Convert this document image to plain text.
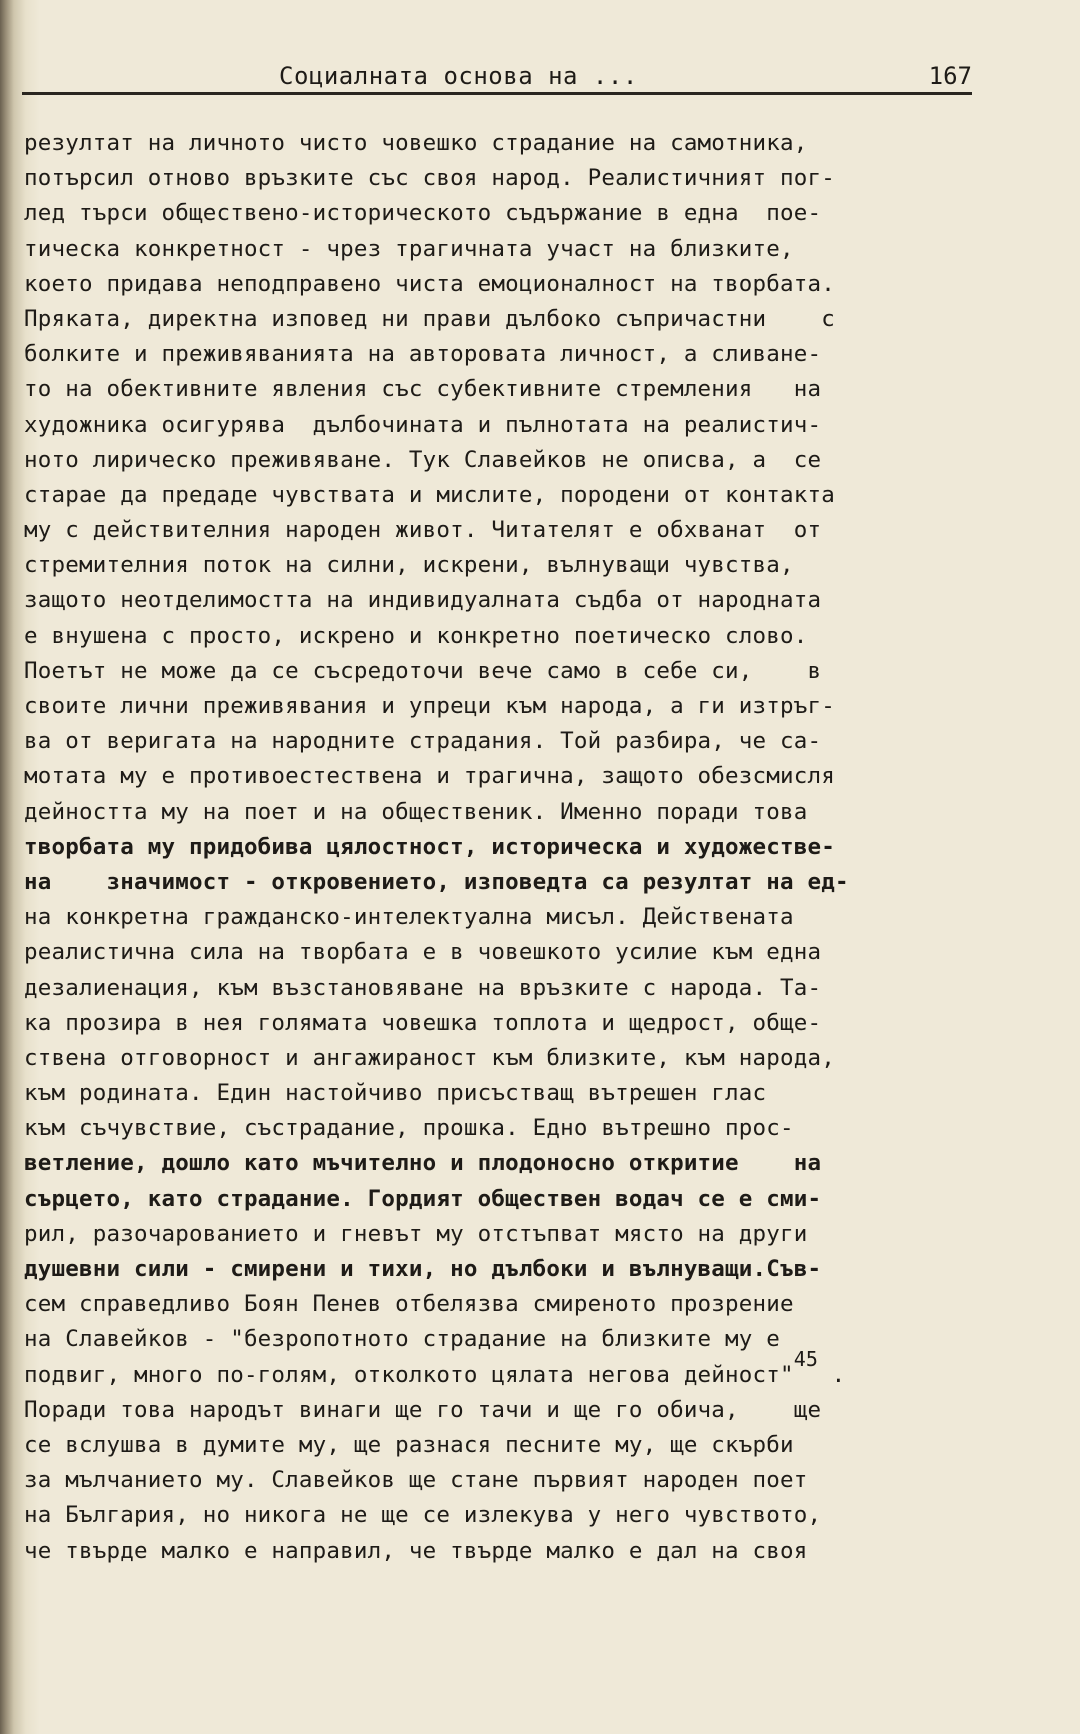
Социалната основа на ...	167
резултат на личното чисто човешко страдание на самотника,
потърсил отново връзките със своя народ. Реалистичният пог-
лед търси обществено-историческото съдържание в една  пое-
тическа конкретност - чрез трагичната участ на близките,
което придава неподправено чиста емоционалност на творбата.
Пряката, директна изповед ни прави дълбоко съпричастни    с
болките и преживяванията на авторовата личност, а сливане-
то на обективните явления със субективните стремления   на
художника осигурява  дълбочината и пълнотата на реалистич-
ното лирическо преживяване. Тук Славейков не описва, а  се
старае да предаде чувствата и мислите, породени от контакта
му с действителния народен живот. Читателят е обхванат  от
стремителния поток на силни, искрени, вълнуващи чувства,
защото неотделимостта на индивидуалната съдба от народната
е внушена с просто, искрено и конкретно поетическо слово.
Поетът не може да се съсредоточи вече само в себе си,    в
своите лични преживявания и упреци към народа, а ги изтръг-
ва от веригата на народните страдания. Той разбира, че са-
мотата му е противоестествена и трагична, защото обезсмисля
дейността му на поет и на общественик. Именно поради това
творбата му придобива цялостност, историческа и художестве-
на    значимост - откровението, изповедта са резултат на ед-
на конкретна гражданско-интелектуална мисъл. Действената
реалистична сила на творбата е в човешкото усилие към една
дезалиенация, към възстановяване на връзките с народа. Та-
ка прозира в нея голямата човешка топлота и щедрост, обще-
ствена отговорност и ангажираност към близките, към народа,
към родината. Един настойчиво присъстващ вътрешен глас
към съчувствие, състрадание, прошка. Едно вътрешно прос-
ветление, дошло като мъчително и плодоносно откритие    на
сърцето, като страдание. Гордият обществен водач се е сми-
рил, разочарованието и гневът му отстъпват място на други
душевни сили - смирени и тихи, но дълбоки и вълнуващи.Съв-
сем справедливо Боян Пенев отбелязва смиреното прозрение
на Славейков - "безропотното страдание на близките му е
подвиг, много по-голям, отколкото цялата негова дейност"45 .
Поради това народът винаги ще го тачи и ще го обича,    ще
се вслушва в думите му, ще разнася песните му, ще скърби
за мълчанието му. Славейков ще стане първият народен поет
на България, но никога не ще се излекува у него чувството,
че твърде малко е направил, че твърде малко е дал на своя
